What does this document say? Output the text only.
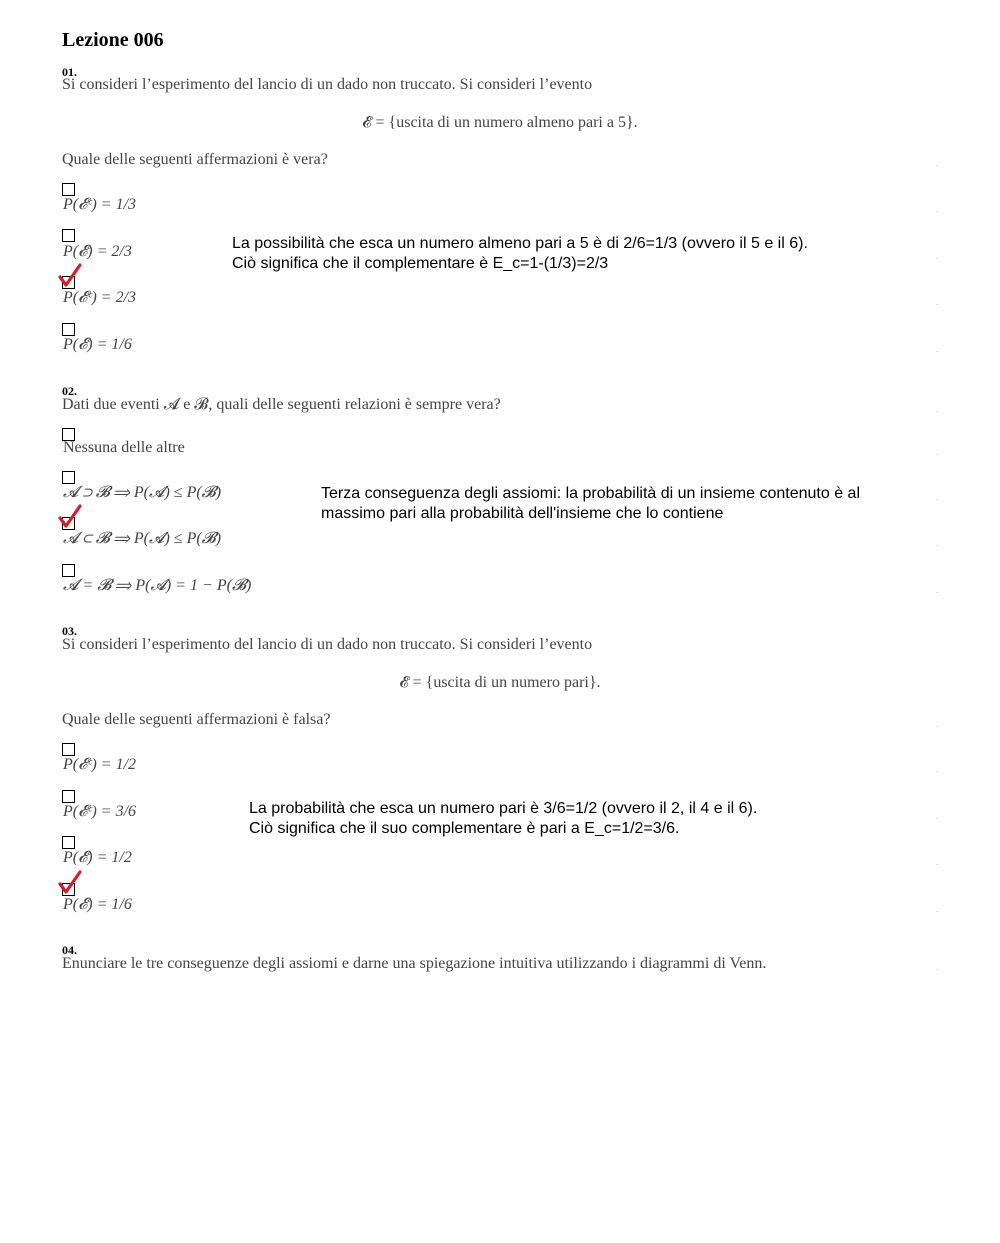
Lezione 006
01.
Si consideri l’esperimento del lancio di un dado non truccato. Si consideri l’evento
𝓔 = {uscita di un numero almeno pari a 5}.
Quale delle seguenti affermazioni è vera?	.
P(𝓔ᶜ) = 1/3	.
P(𝓔) = 2/3	.
P(𝓔ᶜ) = 2/3	.
P(𝓔) = 1/6	.
La possibilità che esca un numero almeno pari a 5 è di 2/6=1/3 (ovvero il 5 e il 6).
Ciò significa che il complementare è E_c=1-(1/3)=2/3
02.
Dati due eventi 𝓐 e 𝓑, quali delle seguenti relazioni è sempre vera?	.
Nessuna delle altre	.
𝓐 ⊃ 𝓑 ⟹ P(𝓐) ≤ P(𝓑)	.
𝓐 ⊂ 𝓑 ⟹ P(𝓐) ≤ P(𝓑)	.
𝓐 = 𝓑 ⟹ P(𝓐) = 1 − P(𝓑)	.
Terza conseguenza degli assiomi: la probabilità di un insieme contenuto è al
massimo pari alla probabilità dell'insieme che lo contiene
03.
Si consideri l’esperimento del lancio di un dado non truccato. Si consideri l’evento
𝓔 = {uscita di un numero pari}.
Quale delle seguenti affermazioni è falsa?	.
P(𝓔ᶜ) = 1/2	.
P(𝓔ᶜ) = 3/6	.
P(𝓔) = 1/2	.
P(𝓔) = 1/6	.
La probabilità che esca un numero pari è 3/6=1/2 (ovvero il 2, il 4 e il 6).
Ciò significa che il suo complementare è pari a E_c=1/2=3/6.
04.
Enunciare le tre conseguenze degli assiomi e darne una spiegazione intuitiva utilizzando i diagrammi di Venn.	.
